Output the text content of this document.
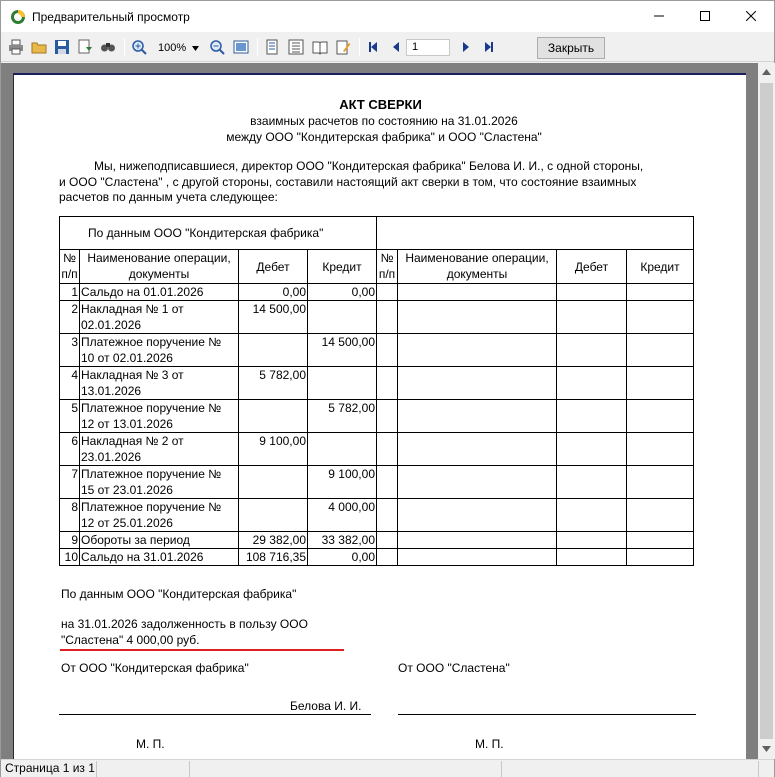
Предварительный просмотр
100%	1	Закрыть
АКТ СВЕРКИ
взаимных расчетов по состоянию на 31.01.2026
между ООО "Кондитерская фабрика" и ООО "Сластена"
Мы, нижеподписавшиеся, директор ООО "Кондитерская фабрика" Белова И. И., с одной стороны,
и ООО "Сластена" , с другой стороны, составили настоящий акт сверки в том, что состояние взаимных
расчетов по данным учета следующее:
По данным ООО "Кондитерская фабрика"							
№ п/п	Наименование операции, документы	Дебет	Кредит	№ п/п	Наименование операции, документы	Дебет	Кредит
1	Сальдо на 01.01.2026	0,00	0,00				
2	Накладная № 1 от 02.01.2026	14 500,00					
3	Платежное поручение № 10 от 02.01.2026		14 500,00				
4	Накладная № 3 от 13.01.2026	5 782,00					
5	Платежное поручение № 12 от 13.01.2026		5 782,00				
6	Накладная № 2 от 23.01.2026	9 100,00					
7	Платежное поручение № 15 от 23.01.2026		9 100,00				
8	Платежное поручение № 12 от 25.01.2026		4 000,00				
9	Обороты за период	29 382,00	33 382,00				
10	Сальдо на 31.01.2026	108 716,35	0,00				
По данным ООО "Кондитерская фабрика"
на 31.01.2026 задолженность в пользу ООО
"Сластена" 4 000,00 руб.
От ООО "Кондитерская фабрика"	От ООО "Сластена"
Белова И. И.
М. П.	М. П.
Страница 1 из 1
